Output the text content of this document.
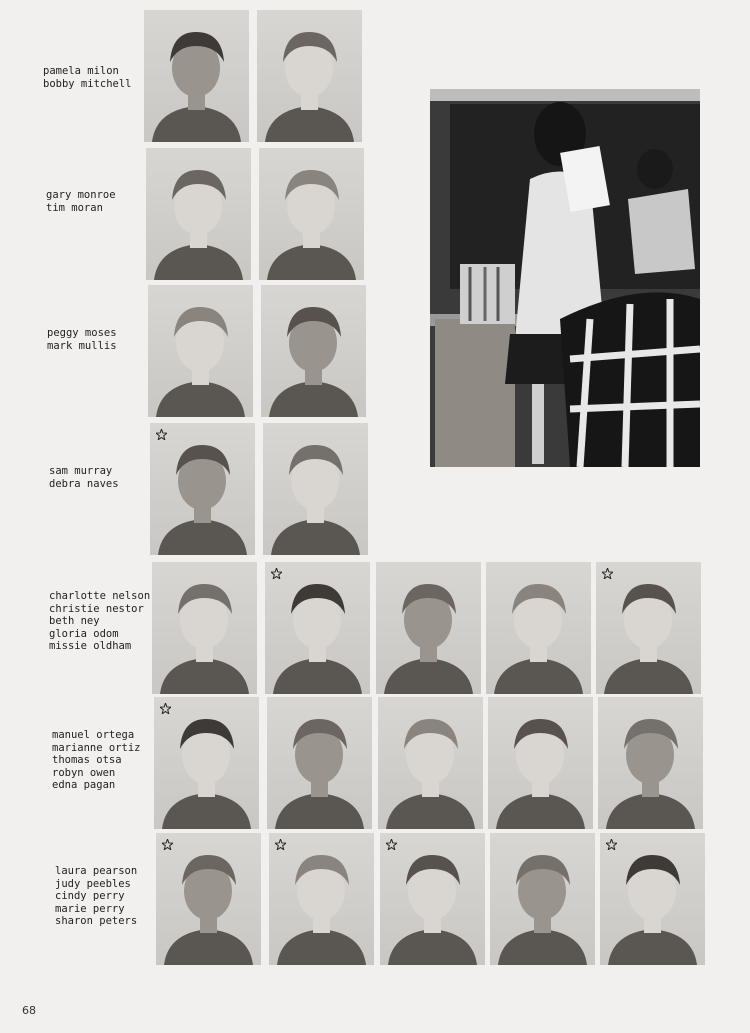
pamela milon
bobby mitchell
gary monroe
tim moran
peggy moses
mark mullis
sam murray
debra naves
charlotte nelson
christie nestor
beth ney
gloria odom
missie oldham
manuel ortega
marianne ortiz
thomas otsa
robyn owen
edna pagan
laura pearson
judy peebles
cindy perry
marie perry
sharon peters
68
